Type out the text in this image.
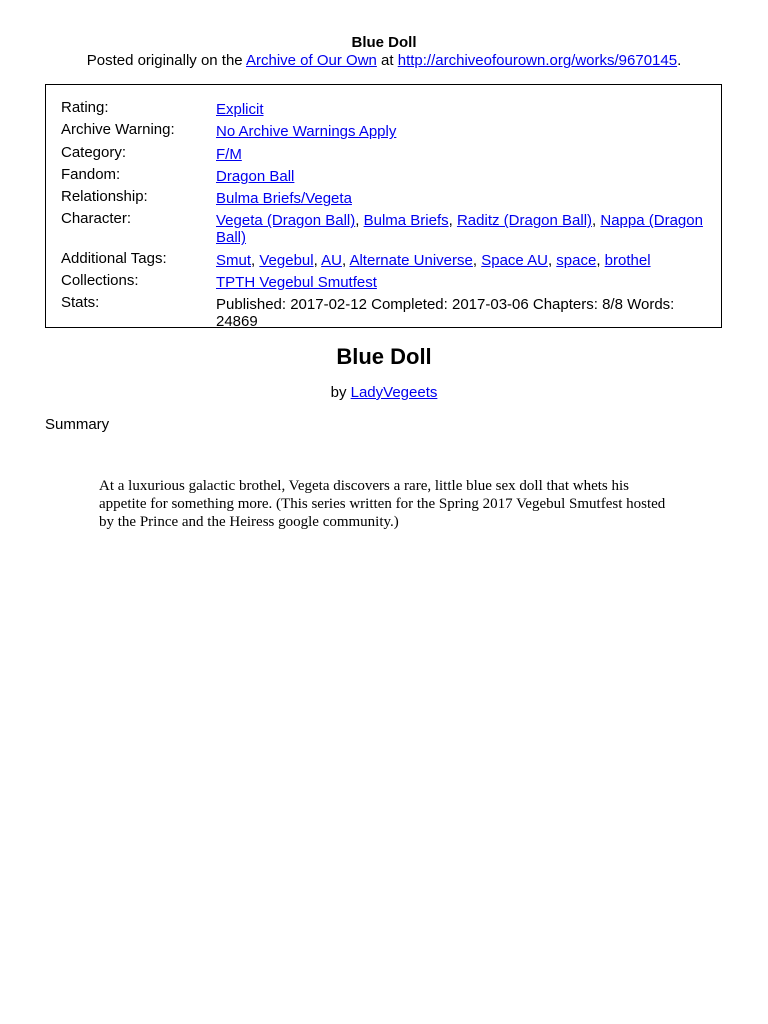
Blue Doll
Posted originally on the Archive of Our Own at http://archiveofourown.org/works/9670145.
Rating:	Explicit
Archive Warning:	No Archive Warnings Apply
Category:	F/M
Fandom:	Dragon Ball
Relationship:	Bulma Briefs/Vegeta
Character:	Vegeta (Dragon Ball), Bulma Briefs, Raditz (Dragon Ball), Nappa (Dragon Ball)
Additional Tags:	Smut, Vegebul, AU, Alternate Universe, Space AU, space, brothel
Collections:	TPTH Vegebul Smutfest
Stats:	Published: 2017-02-12 Completed: 2017-03-06 Chapters: 8/8 Words: 24869
Blue Doll
by LadyVegeets
Summary
At a luxurious galactic brothel, Vegeta discovers a rare, little blue sex doll that whets his appetite for something more. (This series written for the Spring 2017 Vegebul Smutfest hosted by the Prince and the Heiress google community.)
